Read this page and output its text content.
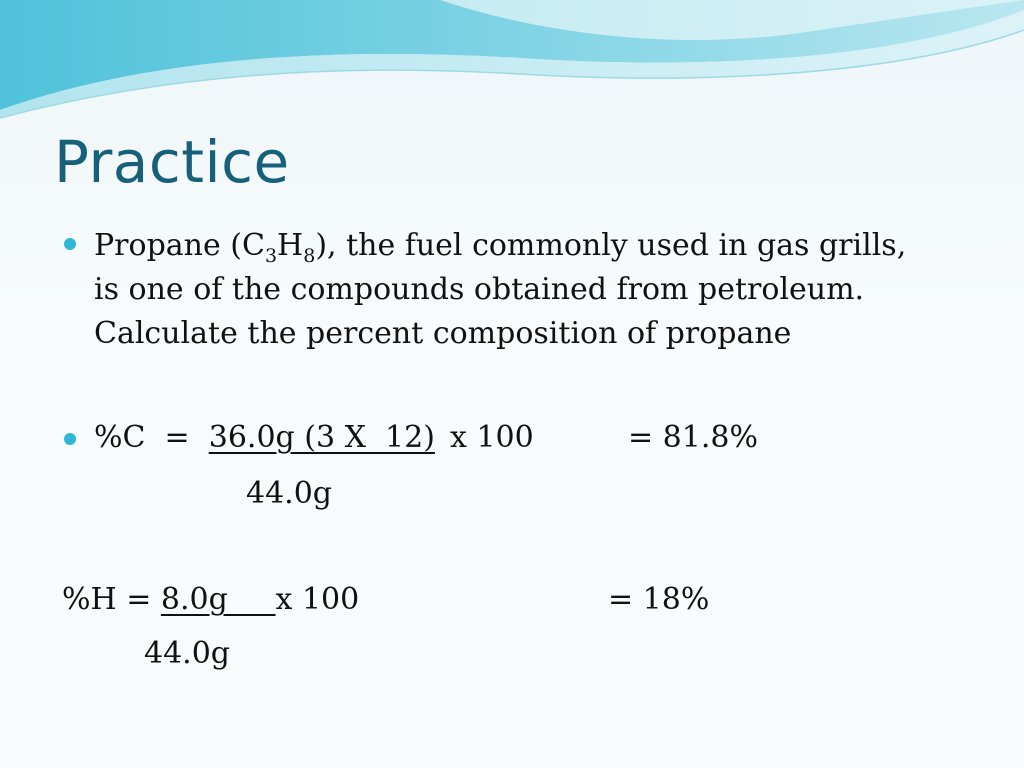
Practice

Propane $(C_3H_8)$, the fuel commonly used in gas grills,
is one of the compounds obtained from petroleum.
Calculate the percent composition of propane

%C  =  36.0g (3 X  12) x 100	= 81.8%

44.0g

%H = 8.0g     x 100	= 18%

44.0g
